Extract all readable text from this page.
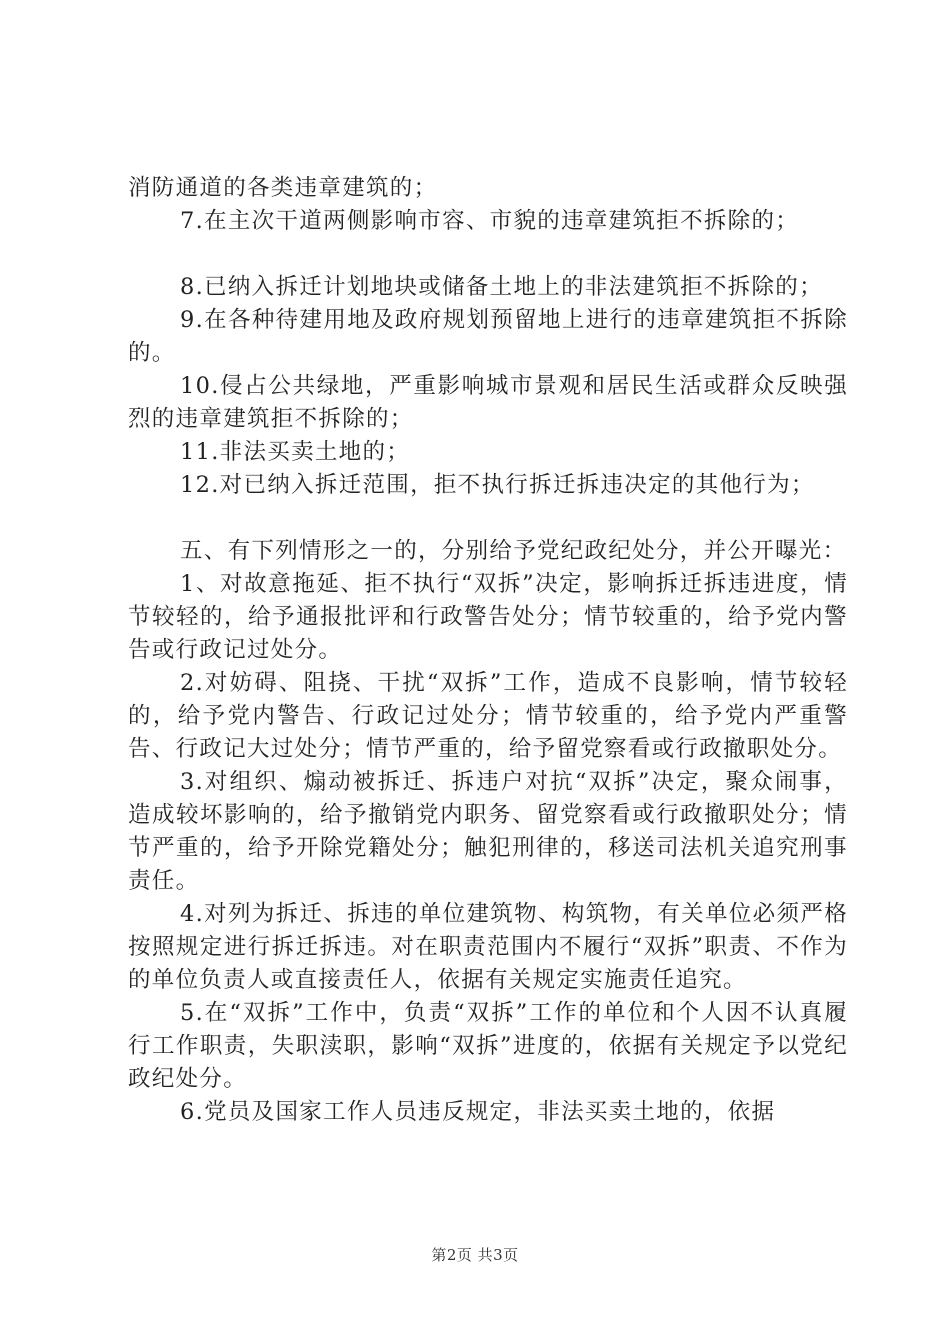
消防通道的各类违章建筑的；

7.在主次干道两侧影响市容、市貌的违章建筑拒不拆除的；

8.已纳入拆迁计划地块或储备土地上的非法建筑拒不拆除的；

9.在各种待建用地及政府规划预留地上进行的违章建筑拒不拆除的。

10.侵占公共绿地，严重影响城市景观和居民生活或群众反映强烈的违章建筑拒不拆除的；

11.非法买卖土地的；

12.对已纳入拆迁范围，拒不执行拆迁拆违决定的其他行为；

五、有下列情形之一的，分别给予党纪政纪处分，并公开曝光：

1、对故意拖延、拒不执行“双拆”决定，影响拆迁拆违进度，情节较轻的，给予通报批评和行政警告处分；情节较重的，给予党内警告或行政记过处分。

2.对妨碍、阻挠、干扰“双拆”工作，造成不良影响，情节较轻的，给予党内警告、行政记过处分；情节较重的，给予党内严重警告、行政记大过处分；情节严重的，给予留党察看或行政撤职处分。

3.对组织、煽动被拆迁、拆违户对抗“双拆”决定，聚众闹事，造成较坏影响的，给予撤销党内职务、留党察看或行政撤职处分；情节严重的，给予开除党籍处分；触犯刑律的，移送司法机关追究刑事责任。

4.对列为拆迁、拆违的单位建筑物、构筑物，有关单位必须严格按照规定进行拆迁拆违。对在职责范围内不履行“双拆”职责、不作为的单位负责人或直接责任人，依据有关规定实施责任追究。

5.在“双拆”工作中，负责“双拆”工作的单位和个人因不认真履行工作职责，失职渎职，影响“双拆”进度的，依据有关规定予以党纪政纪处分。

6.党员及国家工作人员违反规定，非法买卖土地的，依据

第2页 共3页
